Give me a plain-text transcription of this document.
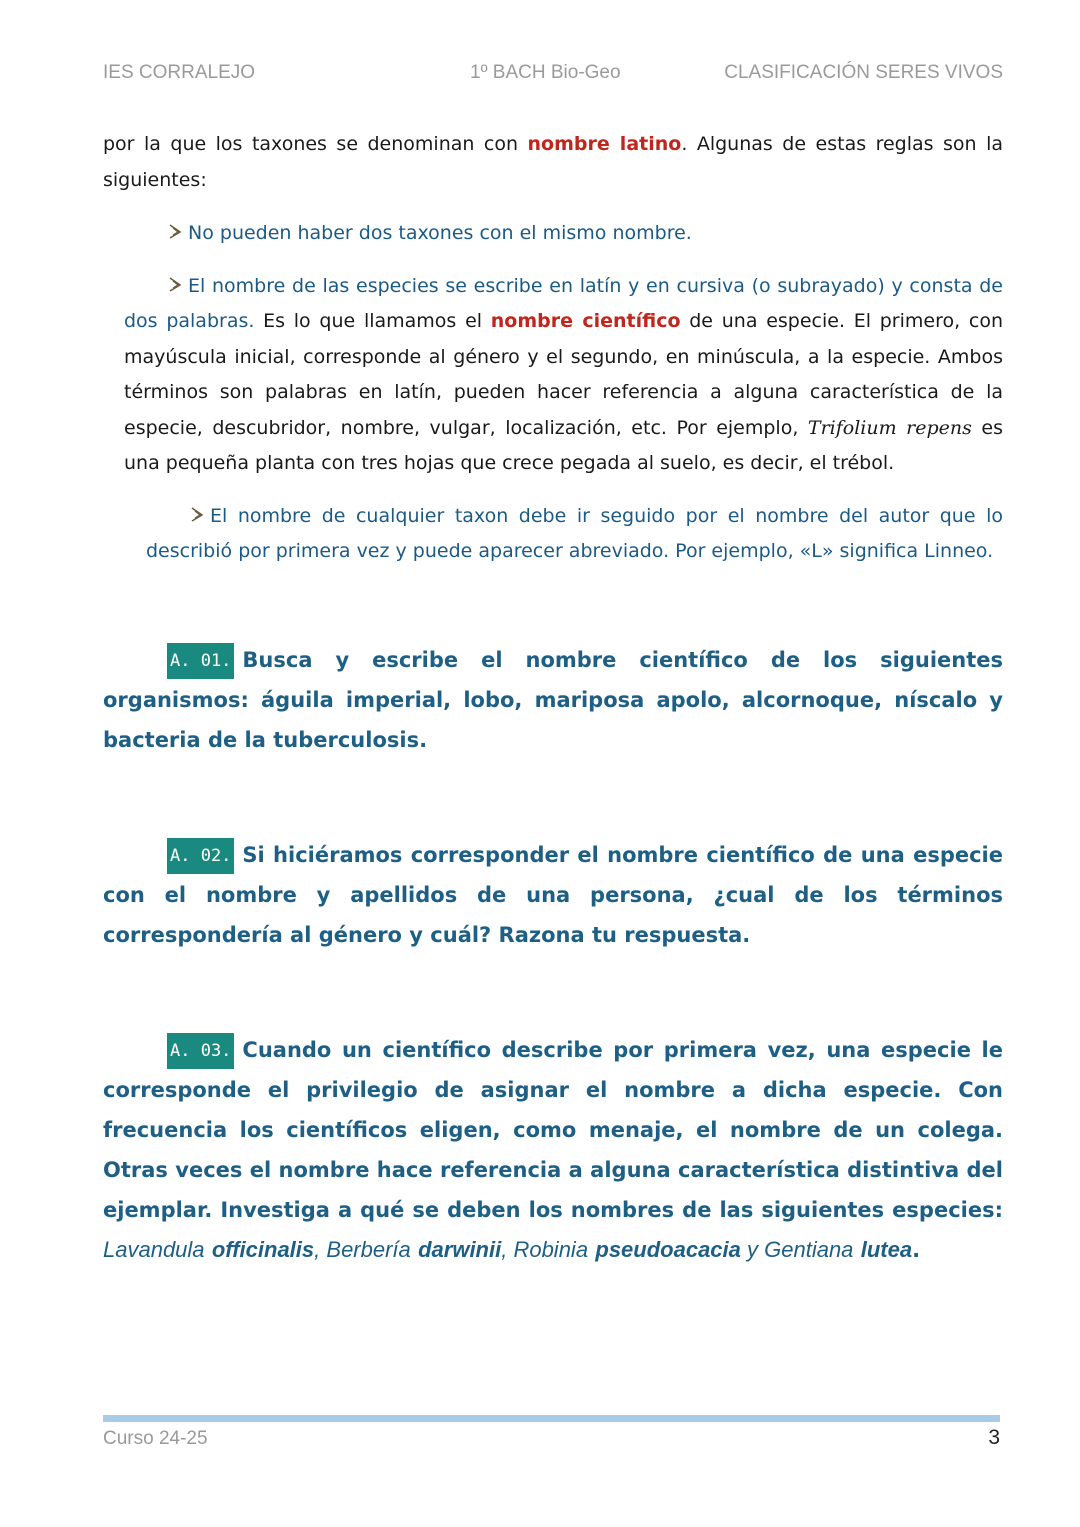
IES CORRALEJO	1º BACH Bio-Geo	CLASIFICACIÓN SERES VIVOS

por la que los taxones se denominan con nombre latino. Algunas de estas reglas son la siguientes:

No pueden haber dos taxones con el mismo nombre.

El nombre de las especies se escribe en latín y en cursiva (o subrayado) y consta de dos palabras. Es lo que llamamos el nombre científico de una especie. El primero, con mayúscula inicial, corresponde al género y el segundo, en minúscula, a la especie. Ambos términos son palabras en latín, pueden hacer referencia a alguna característica de la especie, descubridor, nombre, vulgar, localización, etc. Por ejemplo, Trifolium repens es una pequeña planta con tres hojas que crece pegada al suelo, es decir, el trébol.

El nombre de cualquier taxon debe ir seguido por el nombre del autor que lo describió por primera vez y puede aparecer abreviado. Por ejemplo, «L» significa Linneo.

A. 01. Busca y escribe el nombre científico de los siguientes organismos: águila imperial, lobo, mariposa apolo, alcornoque, níscalo y bacteria de la tuberculosis.

A. 02. Si hiciéramos corresponder el nombre científico de una especie con el nombre y apellidos de una persona, ¿cual de los términos correspondería al género y cuál? Razona tu respuesta.

A. 03. Cuando un científico describe por primera vez, una especie le corresponde el privilegio de asignar el nombre a dicha especie. Con frecuencia los científicos eligen, como menaje, el nombre de un colega. Otras veces el nombre hace referencia a alguna característica distintiva del ejemplar. Investiga a qué se deben los nombres de las siguientes especies: Lavandula officinalis, Berbería darwinii, Robinia pseudoacacia y Gentiana lutea.

Curso 24-25	3
